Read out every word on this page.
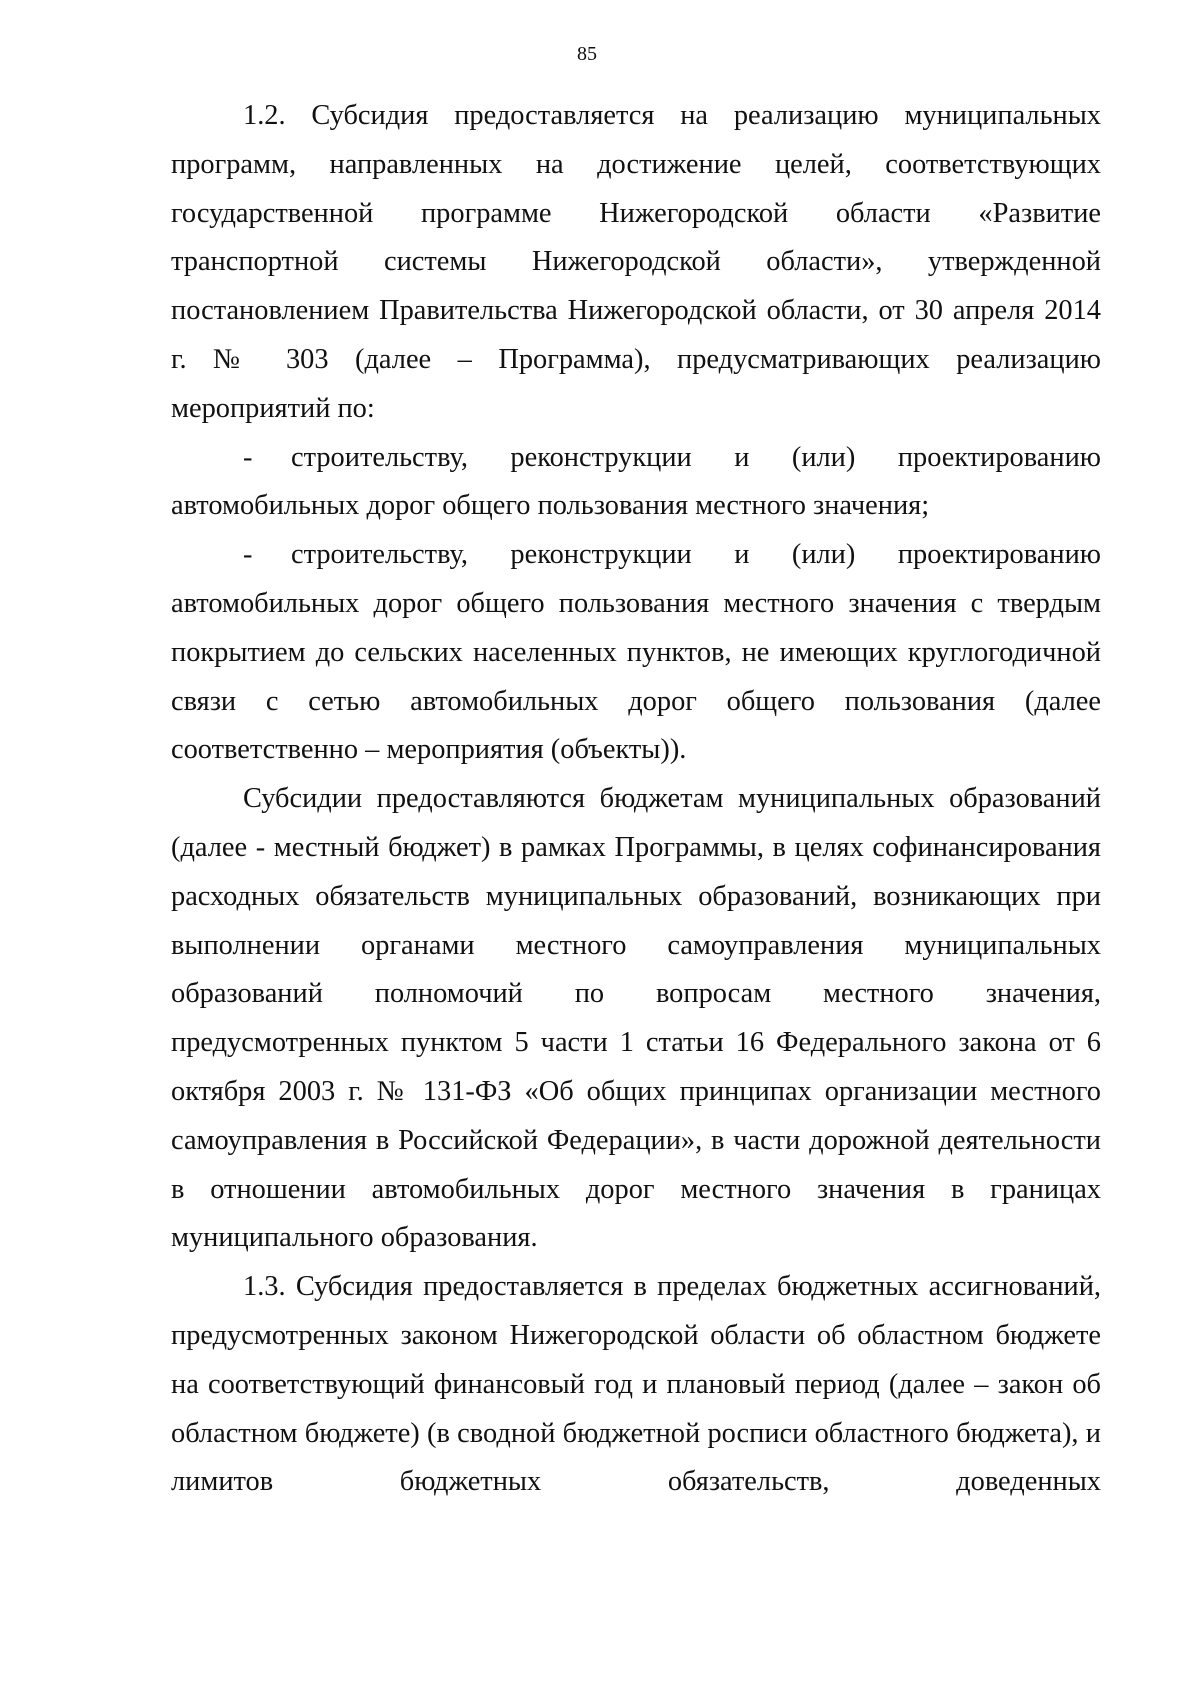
85

1.2. Субсидия предоставляется на реализацию муниципальных программ, направленных на достижение целей, соответствующих государственной программе Нижегородской области «Развитие транспортной системы Нижегородской области», утвержденной постановлением Правительства Нижегородской области, от 30 апреля 2014 г. № 303 (далее – Программа), предусматривающих реализацию мероприятий по:

- строительству, реконструкции и (или) проектированию автомобильных дорог общего пользования местного значения;

- строительству, реконструкции и (или) проектированию автомобильных дорог общего пользования местного значения с твердым покрытием до сельских населенных пунктов, не имеющих круглогодичной связи с сетью автомобильных дорог общего пользования (далее соответственно – мероприятия (объекты)).

Субсидии предоставляются бюджетам муниципальных образований (далее - местный бюджет) в рамках Программы, в целях софинансирования расходных обязательств муниципальных образований, возникающих при выполнении органами местного самоуправления муниципальных образований полномочий по вопросам местного значения, предусмотренных пунктом 5 части 1 статьи 16 Федерального закона от 6 октября 2003 г. № 131-ФЗ «Об общих принципах организации местного самоуправления в Российской Федерации», в части дорожной деятельности в отношении автомобильных дорог местного значения в границах муниципального образования.

1.3. Субсидия предоставляется в пределах бюджетных ассигнований, предусмотренных законом Нижегородской области об областном бюджете на соответствующий финансовый год и плановый период (далее – закон об областном бюджете) (в сводной бюджетной росписи областного бюджета), и лимитов бюджетных обязательств, доведенных
